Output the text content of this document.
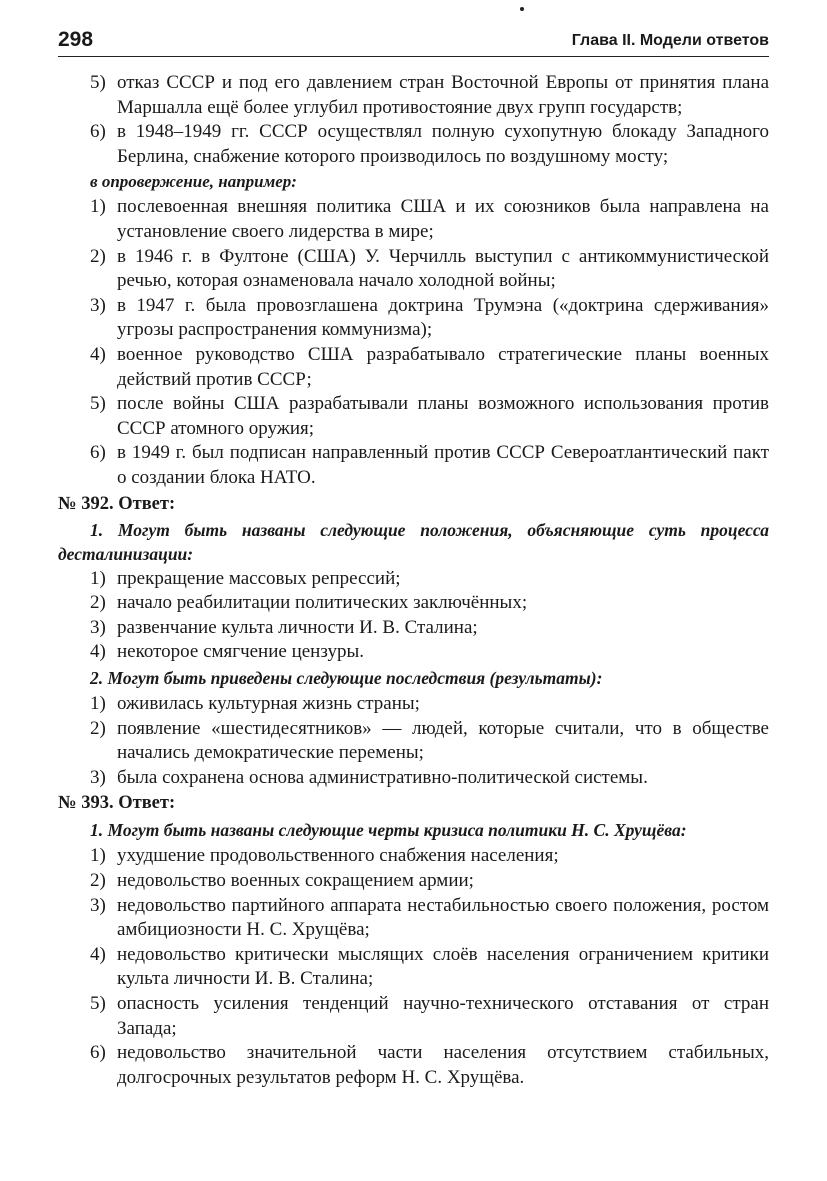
298	Глава II. Модели ответов
5) отказ СССР и под его давлением стран Восточной Европы от принятия плана Маршалла ещё более углубил противостояние двух групп государств;
6) в 1948–1949 гг. СССР осуществлял полную сухопутную блокаду Западного Берлина, снабжение которого производилось по воздушному мосту;
в опровержение, например:
1) послевоенная внешняя политика США и их союзников была направлена на установление своего лидерства в мире;
2) в 1946 г. в Фултоне (США) У. Черчилль выступил с антикоммунистической речью, которая ознаменовала начало холодной войны;
3) в 1947 г. была провозглашена доктрина Трумэна («доктрина сдерживания» угрозы распространения коммунизма);
4) военное руководство США разрабатывало стратегические планы военных действий против СССР;
5) после войны США разрабатывали планы возможного использования против СССР атомного оружия;
6) в 1949 г. был подписан направленный против СССР Североатлантический пакт о создании блока НАТО.
№ 392. Ответ:
1. Могут быть названы следующие положения, объясняющие суть процесса десталинизации:
1) прекращение массовых репрессий;
2) начало реабилитации политических заключённых;
3) развенчание культа личности И. В. Сталина;
4) некоторое смягчение цензуры.
2. Могут быть приведены следующие последствия (результаты):
1) оживилась культурная жизнь страны;
2) появление «шестидесятников» — людей, которые считали, что в обществе начались демократические перемены;
3) была сохранена основа административно-политической системы.
№ 393. Ответ:
1. Могут быть названы следующие черты кризиса политики Н. С. Хрущёва:
1) ухудшение продовольственного снабжения населения;
2) недовольство военных сокращением армии;
3) недовольство партийного аппарата нестабильностью своего положения, ростом амбициозности Н. С. Хрущёва;
4) недовольство критически мыслящих слоёв населения ограничением критики культа личности И. В. Сталина;
5) опасность усиления тенденций научно-технического отставания от стран Запада;
6) недовольство значительной части населения отсутствием стабильных, долгосрочных результатов реформ Н. С. Хрущёва.
